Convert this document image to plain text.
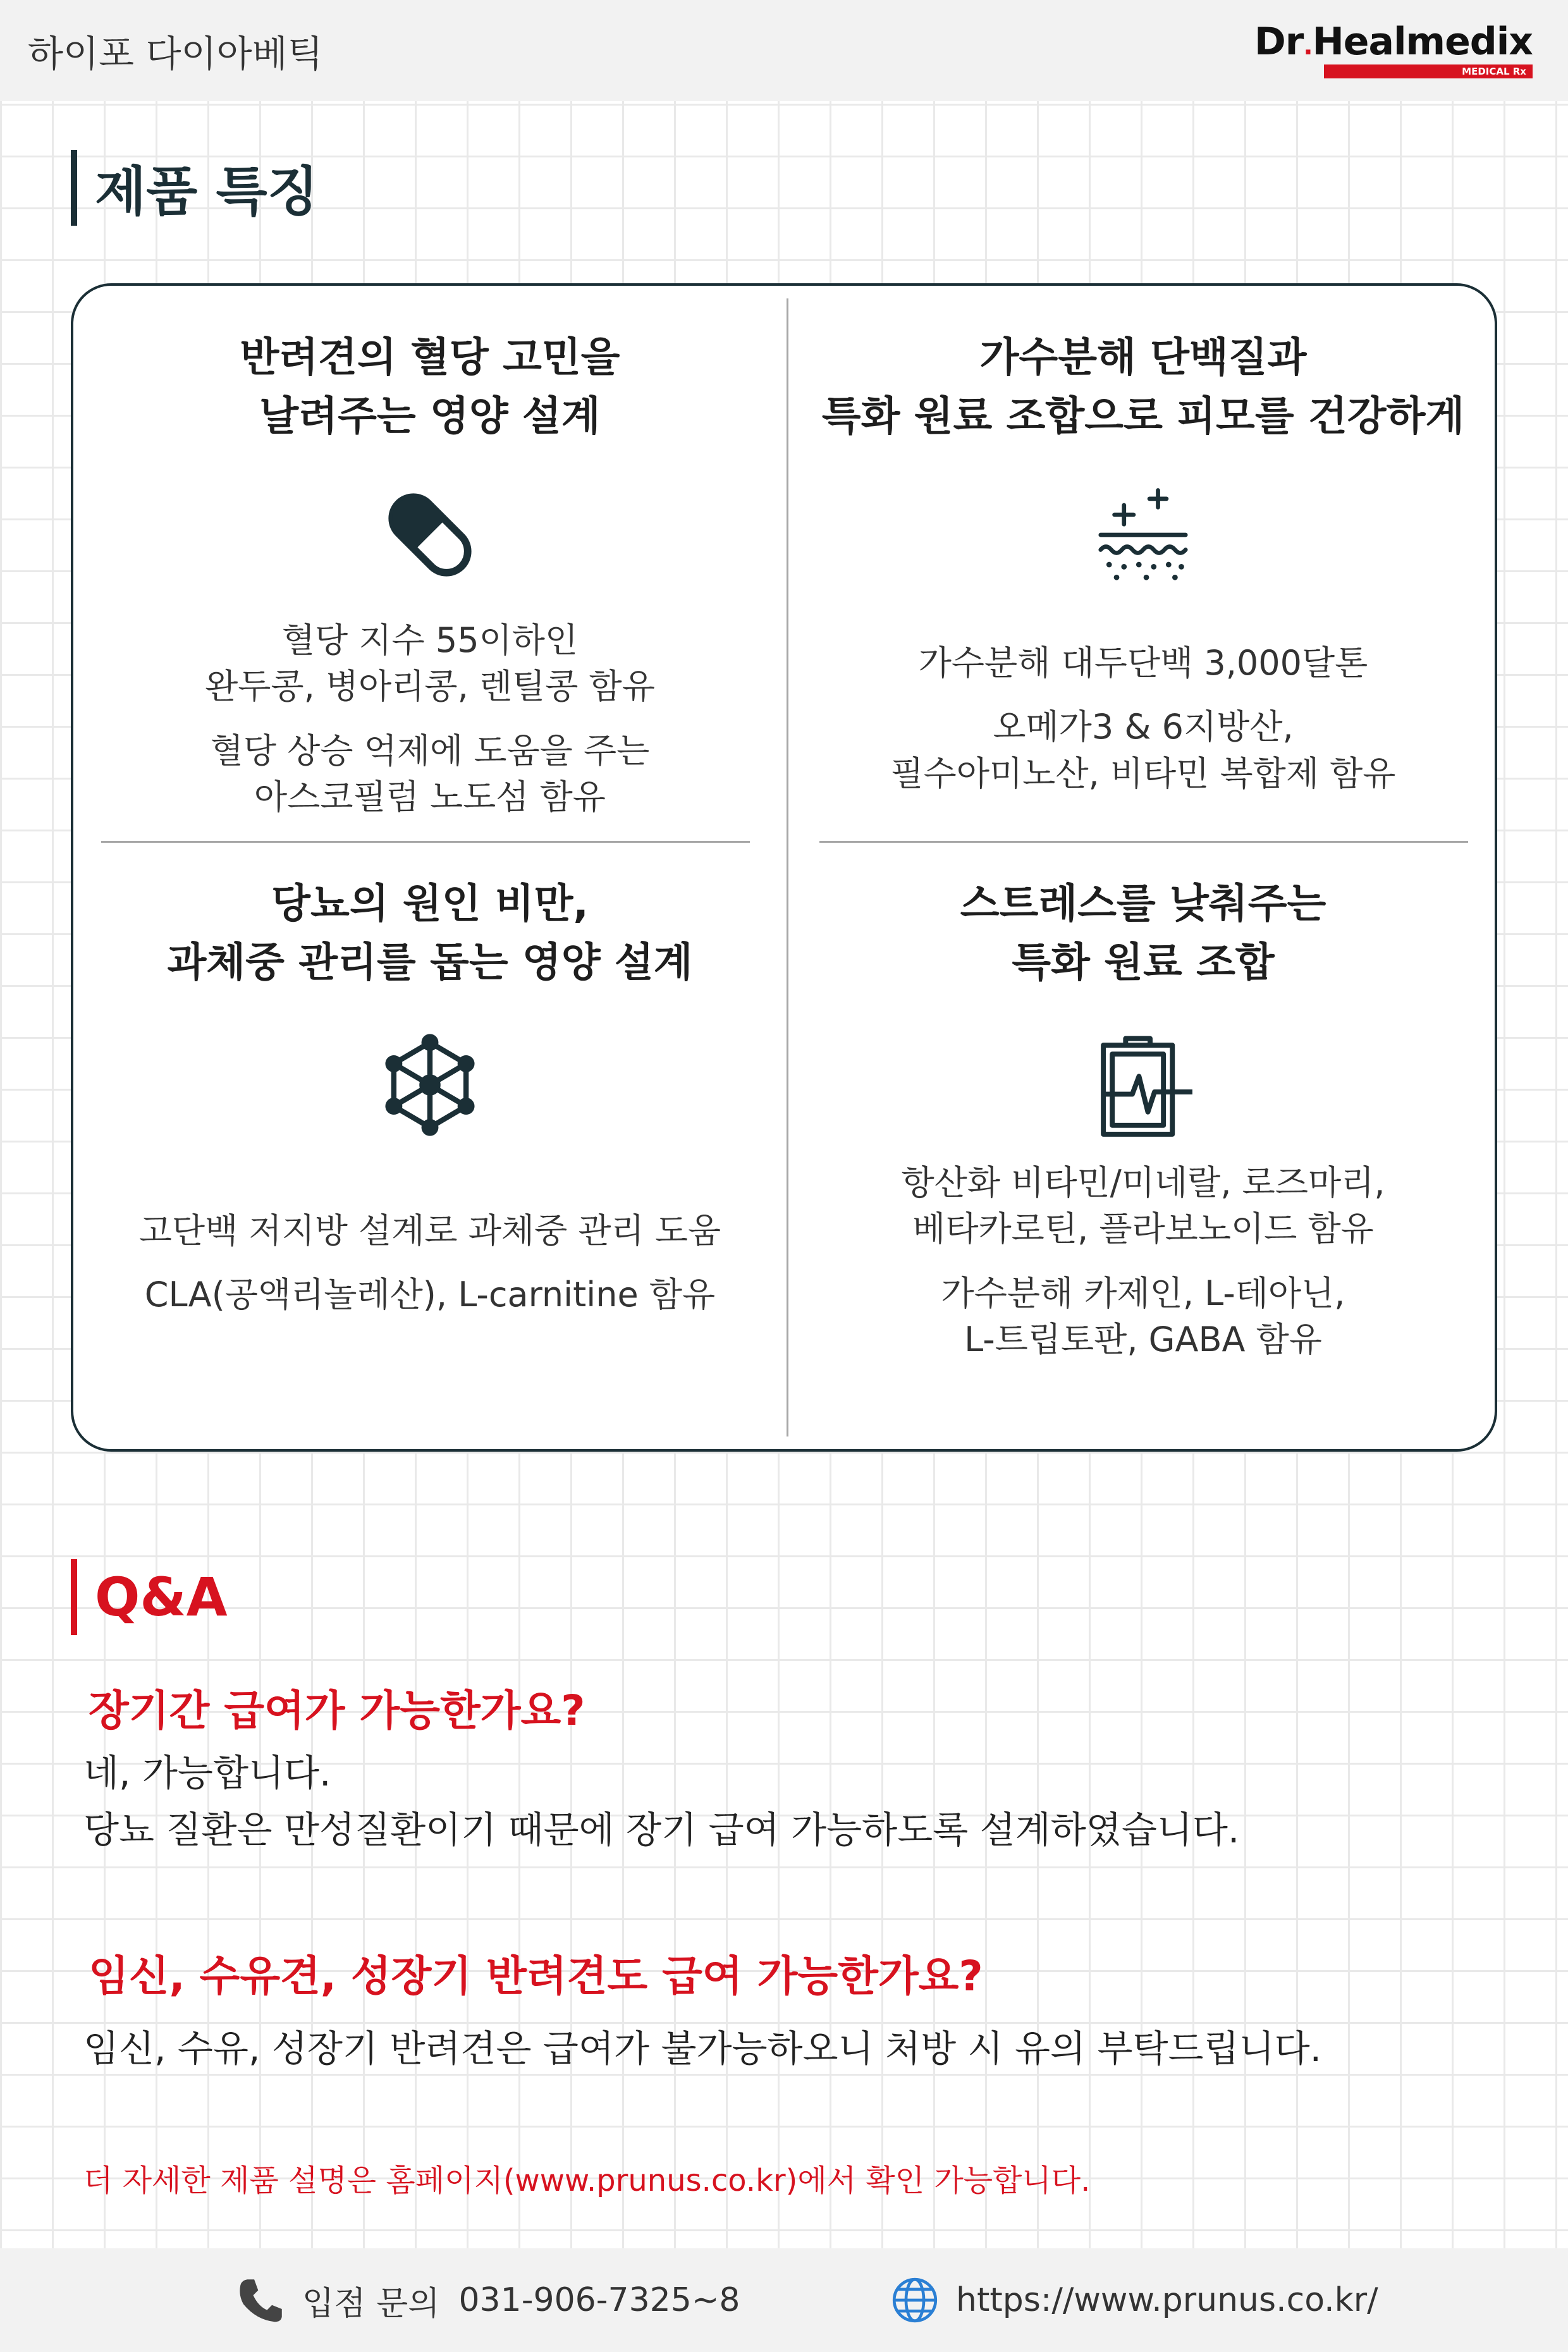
하이포 다이아베틱	Dr.Healmedix
MEDICAL Rx
제품 특징
반려견의 혈당 고민을
날려주는 영양 설계

혈당 지수 55이하인
완두콩, 병아리콩, 렌틸콩 함유

혈당 상승 억제에 도움을 주는
아스코필럼 노도섬 함유

가수분해 단백질과
특화 원료 조합으로 피모를 건강하게

가수분해 대두단백 3,000달톤

오메가3 & 6지방산,
필수아미노산, 비타민 복합제 함유

당뇨의 원인 비만,
과체중 관리를 돕는 영양 설계

고단백 저지방 설계로 과체중 관리 도움

CLA(공액리놀레산), L-carnitine 함유

스트레스를 낮춰주는
특화 원료 조합

항산화 비타민/미네랄, 로즈마리,
베타카로틴, 플라보노이드 함유

가수분해 카제인, L-테아닌,
L-트립토판, GABA 함유

Q&A
장기간 급여가 가능한가요?
네, 가능합니다.
당뇨 질환은 만성질환이기 때문에 장기 급여 가능하도록 설계하였습니다.
임신, 수유견, 성장기 반려견도 급여 가능한가요?
임신, 수유, 성장기 반려견은 급여가 불가능하오니 처방 시 유의 부탁드립니다.
더 자세한 제품 설명은 홈페이지(www.prunus.co.kr)에서 확인 가능합니다.
입점 문의 031-906-7325~8	https://www.prunus.co.kr/
